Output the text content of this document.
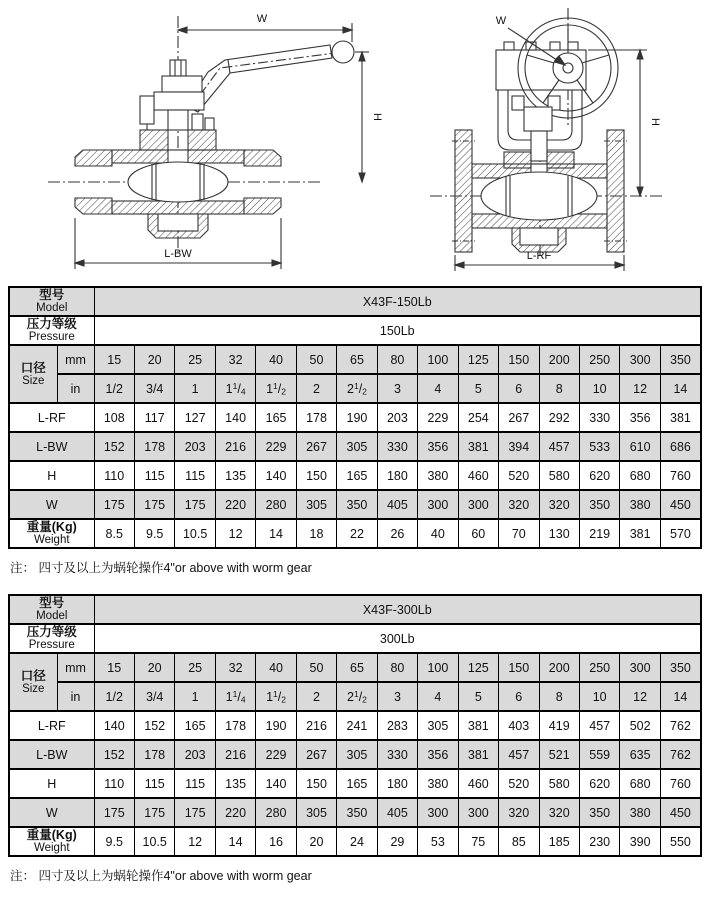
W
H
L-BW
W
H
L-RF
型号
Model		X43F-150Lb														

压力等级
Pressure		150Lb														

口径
Size	mm	15	20	25	32	40	50	65	80	100	125	150	200	250	300	350
	in	1/2	3/4	1	$1^1/4$	$1^1/2$	2	$2^1/2$	3	4	5	6	8	10	12	14
L-RF		108	117	127	140	165	178	190	203	229	254	267	292	330	356	381
L-BW		152	178	203	216	229	267	305	330	356	381	394	457	533	610	686
H		110	115	115	135	140	150	165	180	380	460	520	580	620	680	760
W		175	175	175	220	280	305	350	405	300	300	320	320	350	380	450

重量(Kg)
Weight		8.5	9.5	10.5	12	14	18	22	26	40	60	70	130	219	381	570
注： 四寸及以上为蜗轮操作4"or above with worm gear
型号
Model		X43F-300Lb														

压力等级
Pressure		300Lb														

口径
Size	mm	15	20	25	32	40	50	65	80	100	125	150	200	250	300	350
	in	1/2	3/4	1	$1^1/4$	$1^1/2$	2	$2^1/2$	3	4	5	6	8	10	12	14
L-RF		140	152	165	178	190	216	241	283	305	381	403	419	457	502	762
L-BW		152	178	203	216	229	267	305	330	356	381	457	521	559	635	762
H		110	115	115	135	140	150	165	180	380	460	520	580	620	680	760
W		175	175	175	220	280	305	350	405	300	300	320	320	350	380	450

重量(Kg)
Weight		9.5	10.5	12	14	16	20	24	29	53	75	85	185	230	390	550
注： 四寸及以上为蜗轮操作4"or above with worm gear
